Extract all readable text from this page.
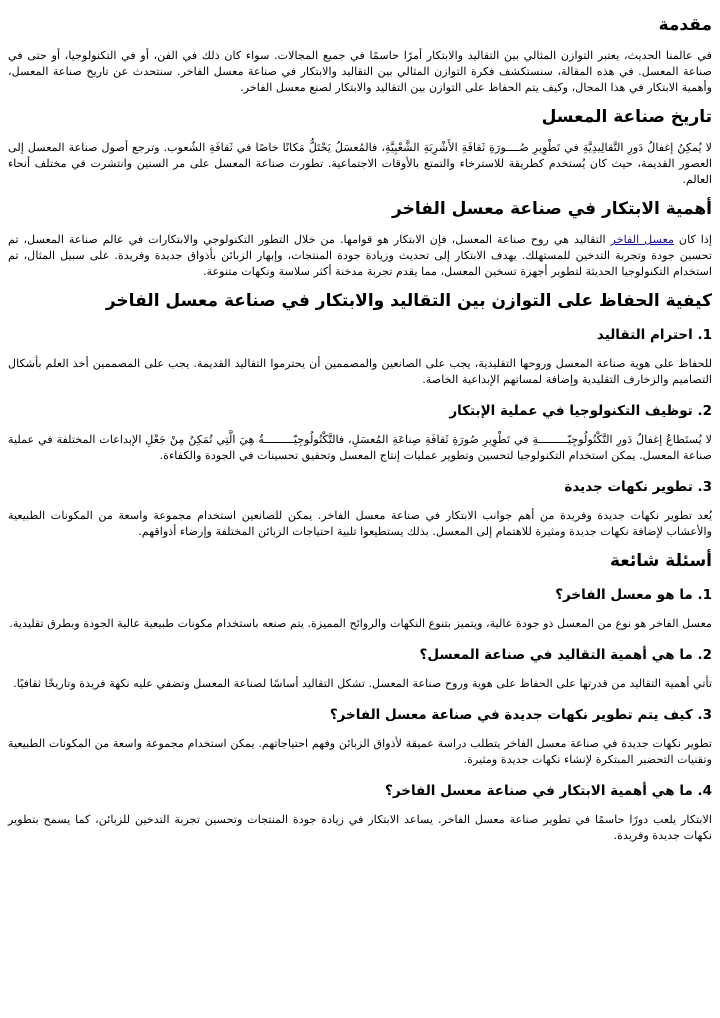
مقدمة

في عالمنا الحديث، يعتبر التوازن المثالي بين التقاليد والابتكار أمرًا حاسمًا في جميع المجالات. سواء كان ذلك في الفن، أو في التكنولوجيا، أو حتى في صناعة المعسل. في هذه المقالة، سنستكشف فكرة التوازن المثالي بين التقاليد والابتكار في صناعة معسل الفاخر. سنتحدث عن تاريخ صناعة المعسل، وأهمية الابتكار في هذا المجال، وكيف يتم الحفاظ على التوازن بين التقاليد والابتكار لصنع معسل الفاخر.

تاريخ صناعة المعسل

لا يُمكِنُ إغفالُ دَورِ التَّقالِيدِيَّةِ في تَطْوِيرِ صُــــورَةِ ثَقافَةِ الأَشْرِبَةِ الشَّعْبِيَّةِ، فالمُعسَلُ يَحْتَلُّ مَكانًا خاصًا في ثَقافَةِ الشُعوب. وترجع أصول صناعة المعسل إلى العصور القديمة، حيث كان يُستخدم كطريقة للاسترخاء والتمتع بالأوقات الاجتماعية. تطورت صناعة المعسل على مر السنين وانتشرت في مختلف أنحاء العالم.

أهمية الابتكار في صناعة معسل الفاخر

إذا كان معسل الفاخر التقاليد هي روح صناعة المعسل، فإن الابتكار هو قوامها. من خلال التطور التكنولوجي والابتكارات في عالم صناعة المعسل، تم تحسين جودة وتجربة التدخين للمستهلك. يهدف الابتكار إلى تحديث وزيادة جودة المنتجات، وإبهار الزبائن بأذواق جديدة وفريدة. على سبيل المثال، تم استخدام التكنولوجيا الحديثة لتطوير أجهزة تسخين المعسل، مما يقدم تجربة مدخنة أكثر سلاسة ونكهات متنوعة.

كيفية الحفاظ على التوازن بين التقاليد والابتكار في صناعة معسل الفاخر
1. احترام التقاليد

للحفاظ على هوية صناعة المعسل وروحها التقليدية، يجب على الصانعين والمصممين أن يحترموا التقاليد القديمة. يجب على المصممين أخذ العلم بأشكال التصاميم والزخارف التقليدية وإضافة لمساتهم الإبداعية الخاصة.

2. توظيف التكنولوجيا في عملية الإبتكار

لا يُستَطاعُ إغفالُ دَورِ التَّكْنُولُوجِيّـــــــــةِ في تَطْوِيرِ صُورَةِ ثَقافَةِ صِناعَةِ المُعسَلِ، فالتَّكْنُولُوجِيّـــــــــةُ هِيَ الَّتِي تُمَكِنُ مِنْ جَعْلِ الإبداعات المختلفة في عملية صناعة المعسل. يمكن استخدام التكنولوجيا لتحسين وتطوير عمليات إنتاج المعسل وتحقيق تحسينات في الجودة والكفاءة.

3. تطوير نكهات جديدة

يُعد تطوير نكهات جديدة وفريدة من أهم جوانب الابتكار في صناعة معسل الفاخر. يمكن للصانعين استخدام مجموعة واسعة من المكونات الطبيعية والأعشاب لإضافة نكهات جديدة ومثيرة للاهتمام إلى المعسل. بذلك يستطيعوا تلبية احتياجات الزبائن المختلفة وإرضاء أذواقهم.

أسئلة شائعة
1. ما هو معسل الفاخر؟

معسل الفاخر هو نوع من المعسل ذو جودة عالية، ويتميز بتنوع النكهات والروائح المميزة. يتم صنعه باستخدام مكونات طبيعية عالية الجودة وبطرق تقليدية.

2. ما هي أهمية التقاليد في صناعة المعسل؟

تأتي أهمية التقاليد من قدرتها على الحفاظ على هوية وروح صناعة المعسل. تشكل التقاليد أساسًا لصناعة المعسل وتضفي عليه نكهة فريدة وتاريخًا ثقافيًا.

3. كيف يتم تطوير نكهات جديدة في صناعة معسل الفاخر؟

تطوير نكهات جديدة في صناعة معسل الفاخر يتطلب دراسة عميقة لأذواق الزبائن وفهم احتياجاتهم. يمكن استخدام مجموعة واسعة من المكونات الطبيعية وتقنيات التحضير المبتكرة لإنشاء نكهات جديدة ومثيرة.

4. ما هي أهمية الابتكار في صناعة معسل الفاخر؟

الابتكار يلعب دورًا حاسمًا في تطوير صناعة معسل الفاخر. يساعد الابتكار في زيادة جودة المنتجات وتحسين تجربة التدخين للزبائن، كما يسمح بتطوير نكهات جديدة وفريدة.
